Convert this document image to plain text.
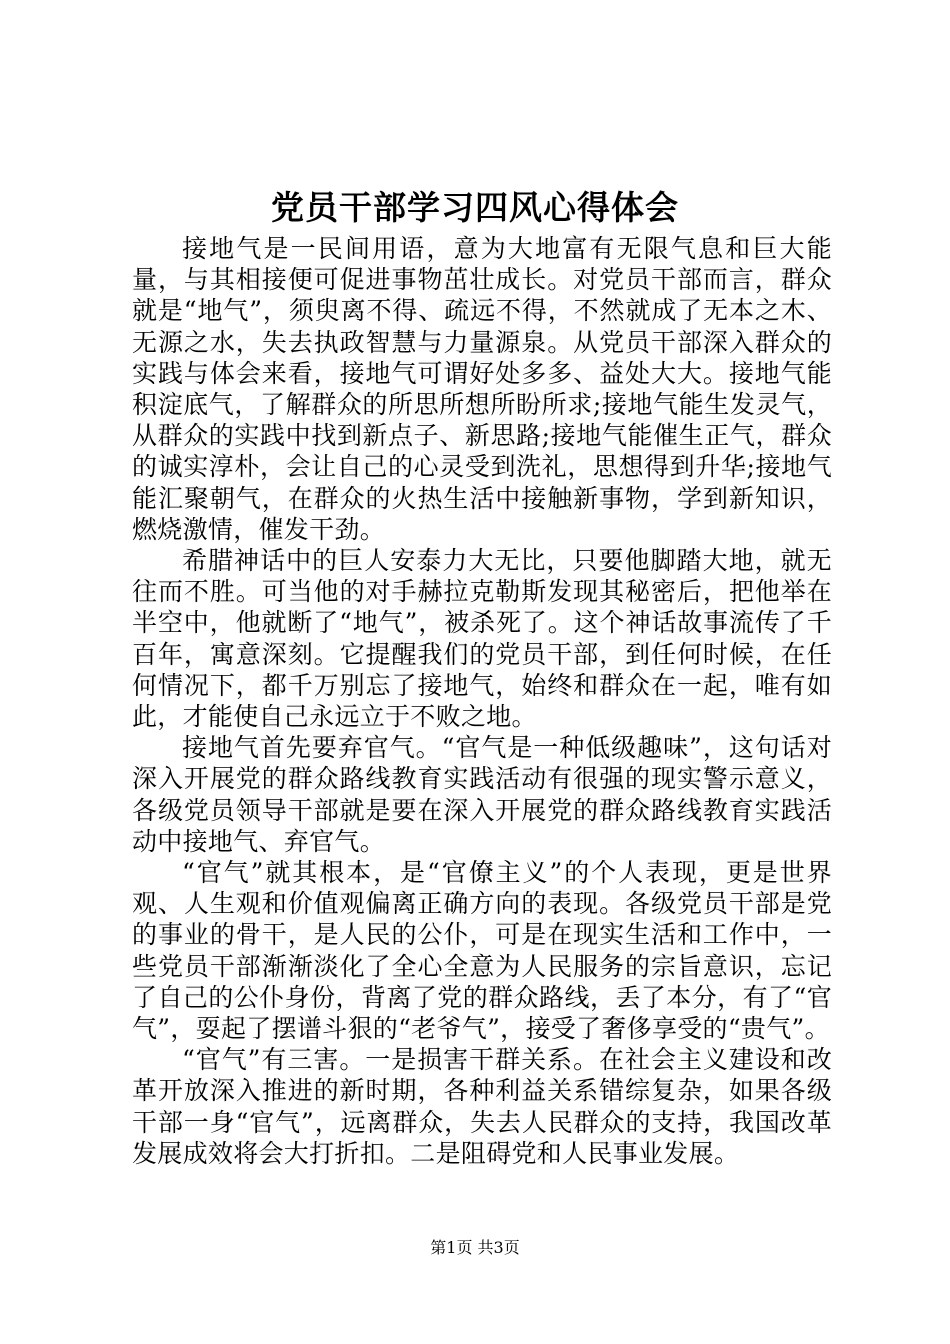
党员干部学习四风心得体会

接地气是一民间用语，意为大地富有无限气息和巨大能量，与其相接便可促进事物茁壮成长。对党员干部而言，群众就是“地气”，须臾离不得、疏远不得，不然就成了无本之木、无源之水，失去执政智慧与力量源泉。从党员干部深入群众的实践与体会来看，接地气可谓好处多多、益处大大。接地气能积淀底气，了解群众的所思所想所盼所求;接地气能生发灵气，从群众的实践中找到新点子、新思路;接地气能催生正气，群众的诚实淳朴，会让自己的心灵受到洗礼，思想得到升华;接地气能汇聚朝气，在群众的火热生活中接触新事物，学到新知识，燃烧激情，催发干劲。

希腊神话中的巨人安泰力大无比，只要他脚踏大地，就无往而不胜。可当他的对手赫拉克勒斯发现其秘密后，把他举在半空中，他就断了“地气”，被杀死了。这个神话故事流传了千百年，寓意深刻。它提醒我们的党员干部，到任何时候，在任何情况下，都千万别忘了接地气，始终和群众在一起，唯有如此，才能使自己永远立于不败之地。

接地气首先要弃官气。“官气是一种低级趣味”，这句话对深入开展党的群众路线教育实践活动有很强的现实警示意义，各级党员领导干部就是要在深入开展党的群众路线教育实践活动中接地气、弃官气。

“官气”就其根本，是“官僚主义”的个人表现，更是世界观、人生观和价值观偏离正确方向的表现。各级党员干部是党的事业的骨干，是人民的公仆，可是在现实生活和工作中，一些党员干部渐渐淡化了全心全意为人民服务的宗旨意识，忘记了自己的公仆身份，背离了党的群众路线，丢了本分，有了“官气”，耍起了摆谱斗狠的“老爷气”，接受了奢侈享受的“贵气”。

“官气”有三害。一是损害干群关系。在社会主义建设和改革开放深入推进的新时期，各种利益关系错综复杂，如果各级干部一身“官气”，远离群众，失去人民群众的支持，我国改革发展成效将会大打折扣。二是阻碍党和人民事业发展。

第1页 共3页
